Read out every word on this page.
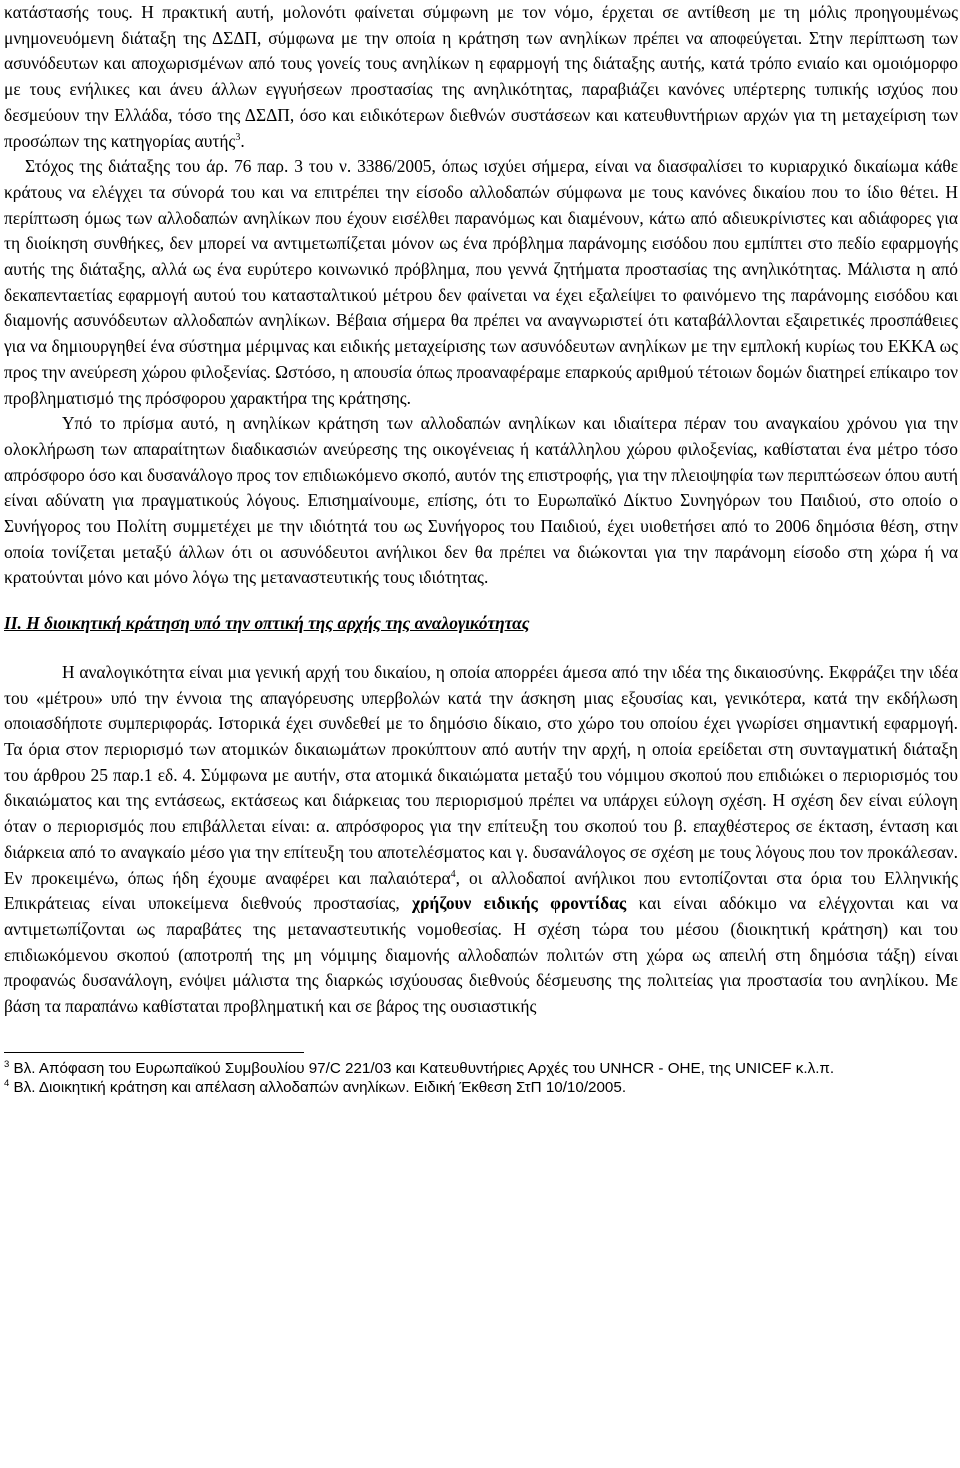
κατάστασής τους. Η πρακτική αυτή, μολονότι φαίνεται σύμφωνη με τον νόμο, έρχεται σε αντίθεση με τη μόλις προηγουμένως μνημονευόμενη διάταξη της ΔΣΔΠ, σύμφωνα με την οποία η κράτηση των ανηλίκων πρέπει να αποφεύγεται. Στην περίπτωση των ασυνόδευτων και αποχωρισμένων από τους γονείς τους ανηλίκων η εφαρμογή της διάταξης αυτής, κατά τρόπο ενιαίο και ομοιόμορφο με τους ενήλικες και άνευ άλλων εγγυήσεων προστασίας της ανηλικότητας, παραβιάζει κανόνες υπέρτερης τυπικής ισχύος που δεσμεύουν την Ελλάδα, τόσο της ΔΣΔΠ, όσο και ειδικότερων διεθνών συστάσεων και κατευθυντήριων αρχών για τη μεταχείριση των προσώπων της κατηγορίας αυτής$^3$.
Στόχος της διάταξης του άρ. 76 παρ. 3 του ν. 3386/2005, όπως ισχύει σήμερα, είναι να διασφαλίσει το κυριαρχικό δικαίωμα κάθε κράτους να ελέγχει τα σύνορά του και να επιτρέπει την είσοδο αλλοδαπών σύμφωνα με τους κανόνες δικαίου που το ίδιο θέτει. Η περίπτωση όμως των αλλοδαπών ανηλίκων που έχουν εισέλθει παρανόμως και διαμένουν, κάτω από αδιευκρίνιστες και αδιάφορες για τη διοίκηση συνθήκες, δεν μπορεί να αντιμετωπίζεται μόνον ως ένα πρόβλημα παράνομης εισόδου που εμπίπτει στο πεδίο εφαρμογής αυτής της διάταξης, αλλά ως ένα ευρύτερο κοινωνικό πρόβλημα, που γεννά ζητήματα προστασίας της ανηλικότητας. Μάλιστα η από δεκαπενταετίας εφαρμογή αυτού του κατασταλτικού μέτρου δεν φαίνεται να έχει εξαλείψει το φαινόμενο της παράνομης εισόδου και διαμονής ασυνόδευτων αλλοδαπών ανηλίκων. Βέβαια σήμερα θα πρέπει να αναγνωριστεί ότι καταβάλλονται εξαιρετικές προσπάθειες για να δημιουργηθεί ένα σύστημα μέριμνας και ειδικής μεταχείρισης των ασυνόδευτων ανηλίκων με την εμπλοκή κυρίως του ΕΚΚΑ ως προς την ανεύρεση χώρου φιλοξενίας. Ωστόσο, η απουσία όπως προαναφέραμε επαρκούς αριθμού τέτοιων δομών διατηρεί επίκαιρο τον προβληματισμό της πρόσφορου χαρακτήρα της κράτησης.

Υπό το πρίσμα αυτό, η ανηλίκων κράτηση των αλλοδαπών ανηλίκων και ιδιαίτερα πέραν του αναγκαίου χρόνου για την ολοκλήρωση των απαραίτητων διαδικασιών ανεύρεσης της οικογένειας ή κατάλληλου χώρου φιλοξενίας, καθίσταται ένα μέτρο τόσο απρόσφορο όσο και δυσανάλογο προς τον επιδιωκόμενο σκοπό, αυτόν της επιστροφής, για την πλειοψηφία των περιπτώσεων όπου αυτή είναι αδύνατη για πραγματικούς λόγους. Επισημαίνουμε, επίσης, ότι το Ευρωπαϊκό Δίκτυο Συνηγόρων του Παιδιού, στο οποίο ο Συνήγορος του Πολίτη συμμετέχει με την ιδιότητά του ως Συνήγορος του Παιδιού, έχει υιοθετήσει από το 2006 δημόσια θέση, στην οποία τονίζεται μεταξύ άλλων ότι οι ασυνόδευτοι ανήλικοι δεν θα πρέπει να διώκονται για την παράνομη είσοδο στη χώρα ή να κρατούνται μόνο και μόνο λόγω της μεταναστευτικής τους ιδιότητας.

ΙΙ. Η διοικητική κράτηση υπό την οπτική της αρχής της αναλογικότητας

Η αναλογικότητα είναι μια γενική αρχή του δικαίου, η οποία απορρέει άμεσα από την ιδέα της δικαιοσύνης. Εκφράζει την ιδέα του «μέτρου» υπό την έννοια της απαγόρευσης υπερβολών κατά την άσκηση μιας εξουσίας και, γενικότερα, κατά την εκδήλωση οποιασδήποτε συμπεριφοράς. Ιστορικά έχει συνδεθεί με το δημόσιο δίκαιο, στο χώρο του οποίου έχει γνωρίσει σημαντική εφαρμογή. Τα όρια στον περιορισμό των ατομικών δικαιωμάτων προκύπτουν από αυτήν την αρχή, η οποία ερείδεται στη συνταγματική διάταξη του άρθρου 25 παρ.1 εδ. 4. Σύμφωνα με αυτήν, στα ατομικά δικαιώματα μεταξύ του νόμιμου σκοπού που επιδιώκει ο περιορισμός του δικαιώματος και της εντάσεως, εκτάσεως και διάρκειας του περιορισμού πρέπει να υπάρχει εύλογη σχέση. Η σχέση δεν είναι εύλογη όταν ο περιορισμός που επιβάλλεται είναι: α. απρόσφορος για την επίτευξη του σκοπού του β. επαχθέστερος σε έκταση, ένταση και διάρκεια από το αναγκαίο μέσο για την επίτευξη του αποτελέσματος και γ. δυσανάλογος σε σχέση με τους λόγους που τον προκάλεσαν. Εν προκειμένω, όπως ήδη έχουμε αναφέρει και παλαιότερα$^4$, οι αλλοδαποί ανήλικοι που εντοπίζονται στα όρια του Ελληνικής Επικράτειας είναι υποκείμενα διεθνούς προστασίας, χρήζουν ειδικής φροντίδας και είναι αδόκιμο να ελέγχονται και να αντιμετωπίζονται ως παραβάτες της μεταναστευτικής νομοθεσίας. Η σχέση τώρα του μέσου (διοικητική κράτηση) και του επιδιωκόμενου σκοπού (αποτροπή της μη νόμιμης διαμονής αλλοδαπών πολιτών στη χώρα ως απειλή στη δημόσια τάξη) είναι προφανώς δυσανάλογη, ενόψει μάλιστα της διαρκώς ισχύουσας διεθνούς δέσμευσης της πολιτείας για προστασία του ανηλίκου. Με βάση τα παραπάνω καθίσταται προβληματική και σε βάρος της ουσιαστικής

$^3$ Βλ. Απόφαση του Ευρωπαϊκού Συμβουλίου 97/C 221/03 και Κατευθυντήριες Αρχές του UNHCR - ΟΗΕ, της UNICEF κ.λ.π.

$^4$ Βλ. Διοικητική κράτηση και απέλαση αλλοδαπών ανηλίκων. Ειδική Έκθεση ΣτΠ 10/10/2005.
